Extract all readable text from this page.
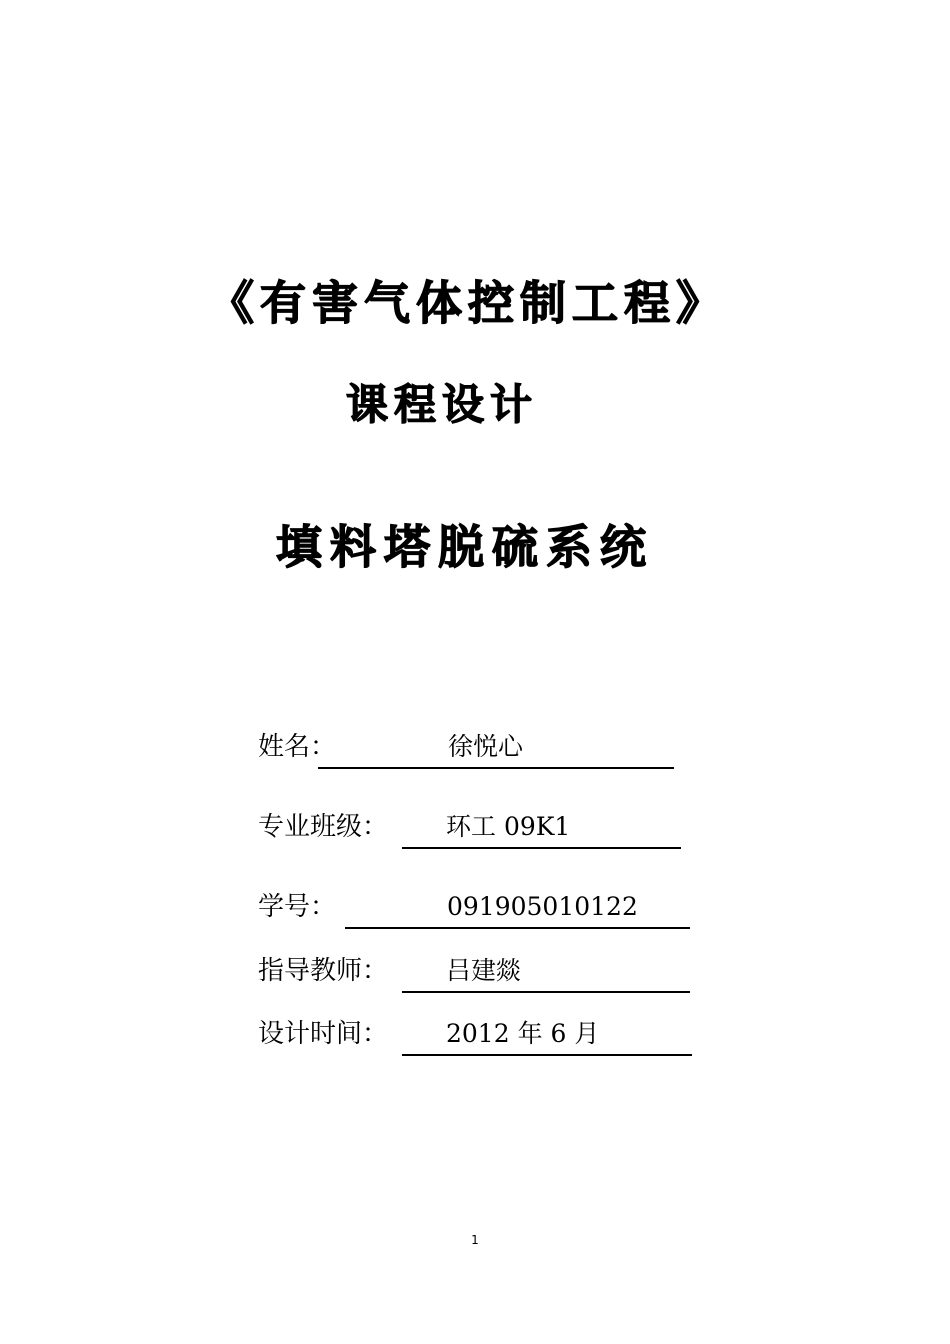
《有害气体控制工程》
课程设计
填料塔脱硫系统
姓名：	徐悦心
专业班级： 环工 09K1
学号：	091905010122
指导教师： 吕建燚
设计时间： 2012 年 6 月
1
